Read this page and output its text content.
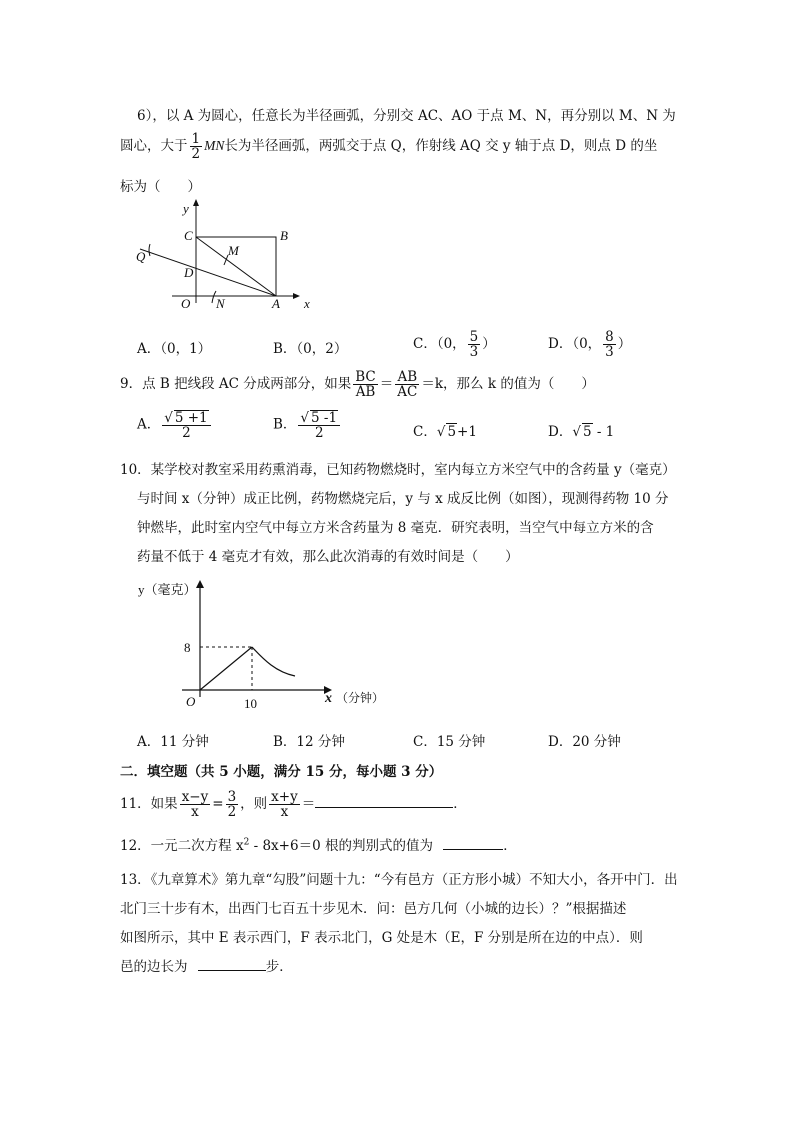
6），以 A 为圆心，任意长为半径画弧，分别交 AC、AO 于点 M、N，再分别以 M、N 为
圆心，大于 $\frac{1}{2}$ MN长为半径画弧，两弧交于点 Q，作射线 AQ 交 y 轴于点 D，则点 D 的坐
标为（　　）
y
C	B
M
Q
D
O N	A x
A．（0，1）	B．（0，2）	C．（0， $\frac{5}{3}$ ）	D．（0， $\frac{8}{3}$ ）
9．点 B 把线段 AC 分成两部分，如果 $\frac{BC}{AB} = \frac{AB}{AC} =k$，那么 k 的值为（　　）
A． $\frac{√ 5 +1}{2}$	B． $\frac{√ 5 -1}{2}$	C．√ 5+1	D．√ 5 - 1
10．某学校对教室采用药熏消毒，已知药物燃烧时，室内每立方米空气中的含药量 y（毫克）
与时间 x（分钟）成正比例，药物燃烧完后，y 与 x 成反比例（如图），现测得药物 10 分
钟燃毕，此时室内空气中每立方米含药量为 8 毫克．研究表明，当空气中每立方米的含
药量不低于 4 毫克才有效，那么此次消毒的有效时间是（　　）
y（毫克）
8
O	10	x （分钟）
A．11 分钟	B．12 分钟	C．15 分钟	D．20 分钟
二．填空题（共 5 小题，满分 15 分，每小题 3 分）
11．如果 $\frac{x-y}{x} = \frac{3}{2}$ ，则 $\frac{x+y}{x}$ ＝	．
12．一元二次方程 $x^2 - 8x+6=0$ 根的判别式的值为	．
13．《九章算术》第九章“勾股”问题十九：“今有邑方（正方形小城）不知大小，各开中门．出
北门三十步有木，出西门七百五十步见木．问：邑方几何（小城的边长）？”根据描述
如图所示，其中 E 表示西门，F 表示北门，G 处是木（E，F 分别是所在边的中点）．则
邑的边长为	步．
